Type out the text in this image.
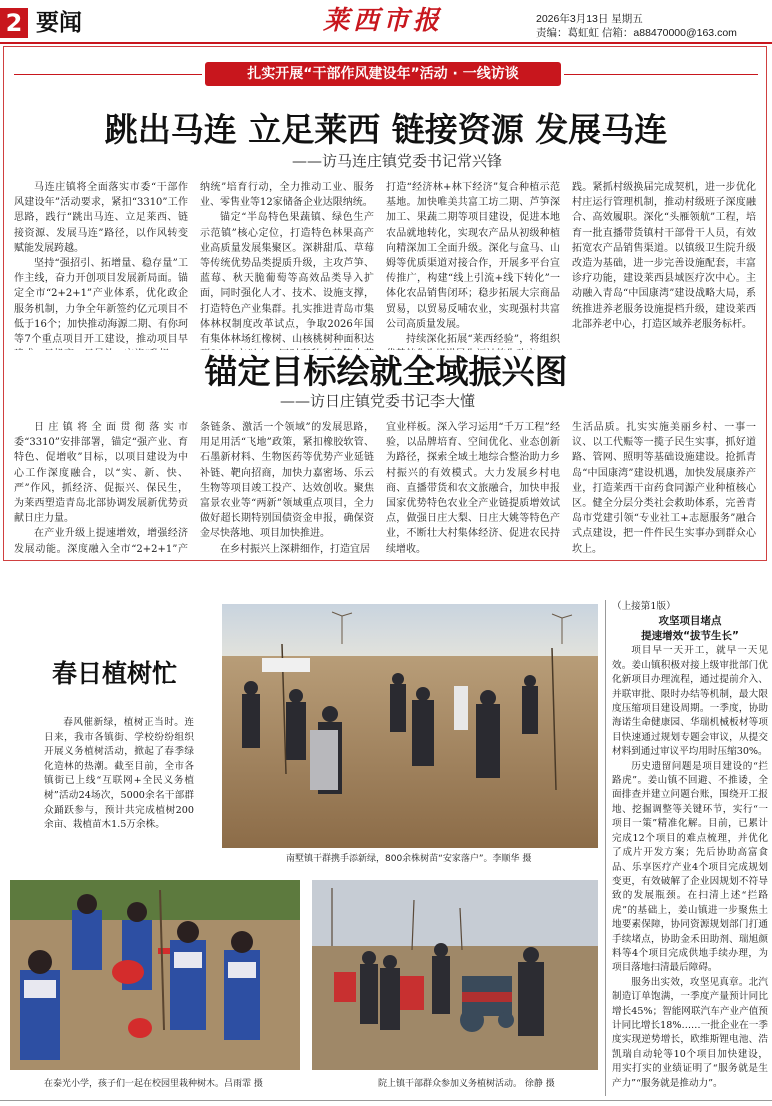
2 要闻	莱西市报	2026年3月13日 星期五
责编：葛虹虹 信箱：a88470000@163.com
扎实开展“干部作风建设年”活动 · 一线访谈
跳出马连 立足莱西 链接资源 发展马连
——访马连庄镇党委书记常兴锋

马连庄镇将全面落实市委“干部作风建设年”活动要求，紧扣“3310”工作思路，践行“跳出马连、立足莱西、链接资源、发展马连”路径，以作风转变赋能发展跨越。

坚持“强招引、拓增量、稳存量”工作主线，奋力开创项目发展新局面。锚定全市“2+2+1”产业体系，优化政企服务机制，力争全年新签约亿元项目不低于16个；加快推动海源二期、有你珂等7个重点项目开工建设，推动项目早

纳统”培育行动，全力推动工业、服务业、零售业等12家储备企业达限纳统。

锚定“半岛特色果蔬镇、绿色生产示范镇”核心定位，打造特色林果高产业高质量发展集聚区。深耕甜瓜、草莓等传统优势品类提质升级，主攻芦笋、蓝莓、秋天脆葡萄等高效品类导入扩面，同时强化人才、技术、设施支撑，打造特色产业集群。扎实推进青岛市集体林权制度改革试点，争取2026年国有集体林场红橡树、山核桃树种面积达

打造“经济林+林下经济”复合种植示范基地。加快唯美共富工坊二期、芦笋深加工、果蔬二期等项目建设，促进本地农品就地转化，实现农产品从初级种植向精深加工全面升级。深化与盒马、山姆等优质渠道对接合作，开展多平台宣传推广，构建“线上引流+线下转化”一体化农品销售闭环；稳步拓展大宗商品贸易，以贸易反哺农业，实现强村共富公司高质量发展。

持续深化拓展“莱西经验”，将组织

践。紧抓村级换届完成契机，进一步优化村庄运行管理机制，推动村级班子深度融合、高效履职。深化“头雁领航”工程，培育一批直播带货镇村干部骨干人员，有效拓宽农产品销售渠道。以镇级卫生院升级改造为基础，进一步完善设施配套，丰富诊疗功能，建设莱西县域医疗次中心。主动融入青岛“中国康湾”建设战略大局，系统推进养老服务设施提档升级，建设莱西北部养老中心，打造区域养老服务标杆。

锚定目标绘就全域振兴图
——访日庄镇党委书记李大懂

日庄镇将全面贯彻落实市委“3310”安排部署，锚定“强产业、育特色、促增收”目标，以项目建设为中心工作深度融合，以“实、新、快、严”作风，抓经济、促振兴、保民生，为莱西塑造青岛北部协调发展新优势贡献日庄力量。

在产业升级上提速增效，增强经济发展动能。深度融入全市“2+2+1”产

条链条、激活一个领域”的发展思路，用足用活“飞地”政策，紧扣橡胶软管、石墨新材料、生物医药等优势产业延链补链、靶向招商，加快力嘉密场、乐云生物等项目竣工投产、达效创收。聚焦富景农业等“两新”领域重点项目，全力做好超长期特别国债资金申报，确保资金尽快落地、项目加快推进。

在乡村振兴上深耕细作，打造宜居

宜业样板。深入学习运用“千万工程”经验，以品牌培育、空间优化、业态创新为路径，探索全域土地综合整治助力乡村振兴的有效模式。大力发展乡村电商、直播带货和农文旅融合，加快申报国家优势特色农业全产业链提质增效试点，做强日庄大梨、日庄大姚等特色产业，不断壮大村集体经济、促进农民持续增收。

生活品质。扎实实施美丽乡村、一事一议、以工代赈等一揽子民生实事，抓好道路、管网、照明等基础设施建设。抢抓青岛“中国康湾”建设机遇，加快发展康养产业，打造莱西干亩药食同源产业种植核心区。健全分层分类社会救助体系，完善青岛市党建引领“专业社工+志愿服务”融合式点建设，把一件件民生实事办到群众心坎上。

春日植树忙

春风催新绿，植树正当时。连日来，我市各镇街、学校纷纷组织开展义务植树活动，掀起了春季绿化造林的热潮。截至目前，全市各镇街已上线“互联网+全民义务植树”活动24场次，5000余名干部群众踊跃参与，预计共完成植树200余亩、栽植苗木1.5万余株。

南墅镇干群携手添新绿，800余株树苗“安家落户”。李顺华 摄
在泰光小学，孩子们一起在校园里栽种树木。吕雨霏 摄	院上镇干部群众参加义务植树活动。 徐静 摄
（上接第1版）
攻坚项目堵点
提速增效“拔节生长”

项目早一天开工，就早一天见效。姜山镇积极对接上级审批部门优化新项目办理流程，通过提前介入、并联审批、限时办结等机制，最大限度压缩项目建设周期。一季度，协助海诺生命健康园、华瑞机械板材等项目快速通过规划专题会审议，从提交材料到通过审议平均用时压缩30%。

历史遗留问题是项目建设的“拦路虎”。姜山镇不回避、不推诿，全面排查并建立问题台账，围绕开工报地、挖掘调整等关键环节，实行“一项目一策”精准化解。目前，已累计完成12个项目的难点梳理，并优化了成片开发方案；先后协助高富食品、乐享医疗产业4个项目完成规划变更，有效破解了企业因规划不符导致的发展瓶颈。在扫清上述“拦路虎”的基础上，姜山镇进一步聚焦土地要素保障，协同资源规划部门打通手续堵点，协助金禾田助剂、瑞旭颜料等4个项目完成供地手续办理，为项目落地扫清最后障碍。

服务出实效，攻坚见真章。北汽制造订单饱满，一季度产量预计同比增长45%；智能网联汽车产业产值预计同比增长18%……一批企业在一季度实现逆势增长，欧维斯锂电池、浩凯瑞自动轮等10个项目加快建设，用实打实的业绩证明了“服务就是生产力”“服务就是推动力”。
